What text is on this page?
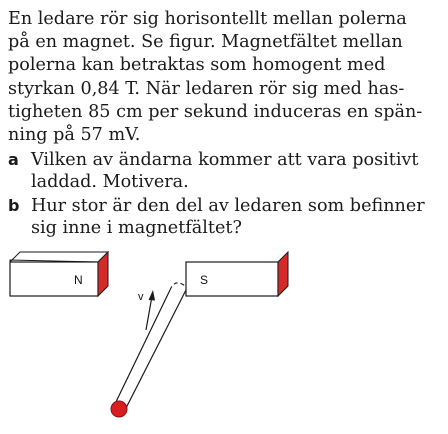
En ledare rör sig horisontellt mellan polerna
på en magnet. Se figur. Magnetfältet mellan
polerna kan betraktas som homogent med
styrkan 0,84 T. När ledaren rör sig med has-
tigheten 85 cm per sekund induceras en spän-
ning på 57 mV.

a Vilken av ändarna kommer att vara positivt
laddad. Motivera.
b Hur stor är den del av ledaren som befinner
sig inne i magnetfältet?
N
v
S
